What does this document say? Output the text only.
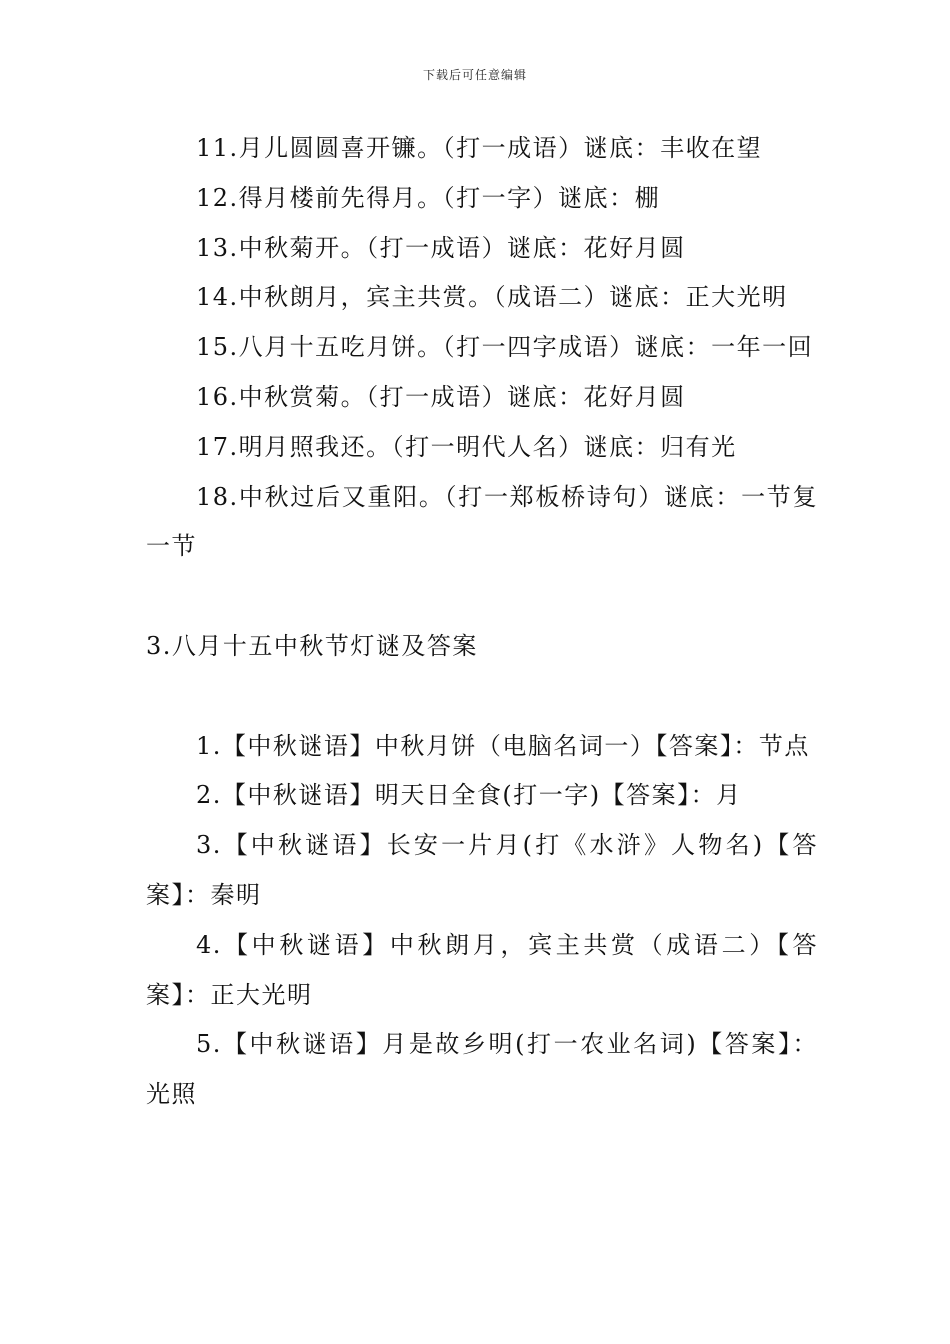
下载后可任意编辑

11.月儿圆圆喜开镰。（打一成语）谜底：丰收在望

12.得月楼前先得月。（打一字）谜底：棚

13.中秋菊开。（打一成语）谜底：花好月圆

14.中秋朗月，宾主共赏。（成语二）谜底：正大光明

15.八月十五吃月饼。（打一四字成语）谜底：一年一回

16.中秋赏菊。（打一成语）谜底：花好月圆

17.明月照我还。（打一明代人名）谜底：归有光

18.中秋过后又重阳。（打一郑板桥诗句）谜底：一节复一节

3.八月十五中秋节灯谜及答案

1.【中秋谜语】中秋月饼（电脑名词一）【答案】：节点

2.【中秋谜语】明天日全食(打一字)【答案】：月

3.【中秋谜语】长安一片月(打《水浒》人物名)【答案】：秦明

4.【中秋谜语】中秋朗月，宾主共赏（成语二）【答案】：正大光明

5.【中秋谜语】月是故乡明(打一农业名词)【答案】：光照
